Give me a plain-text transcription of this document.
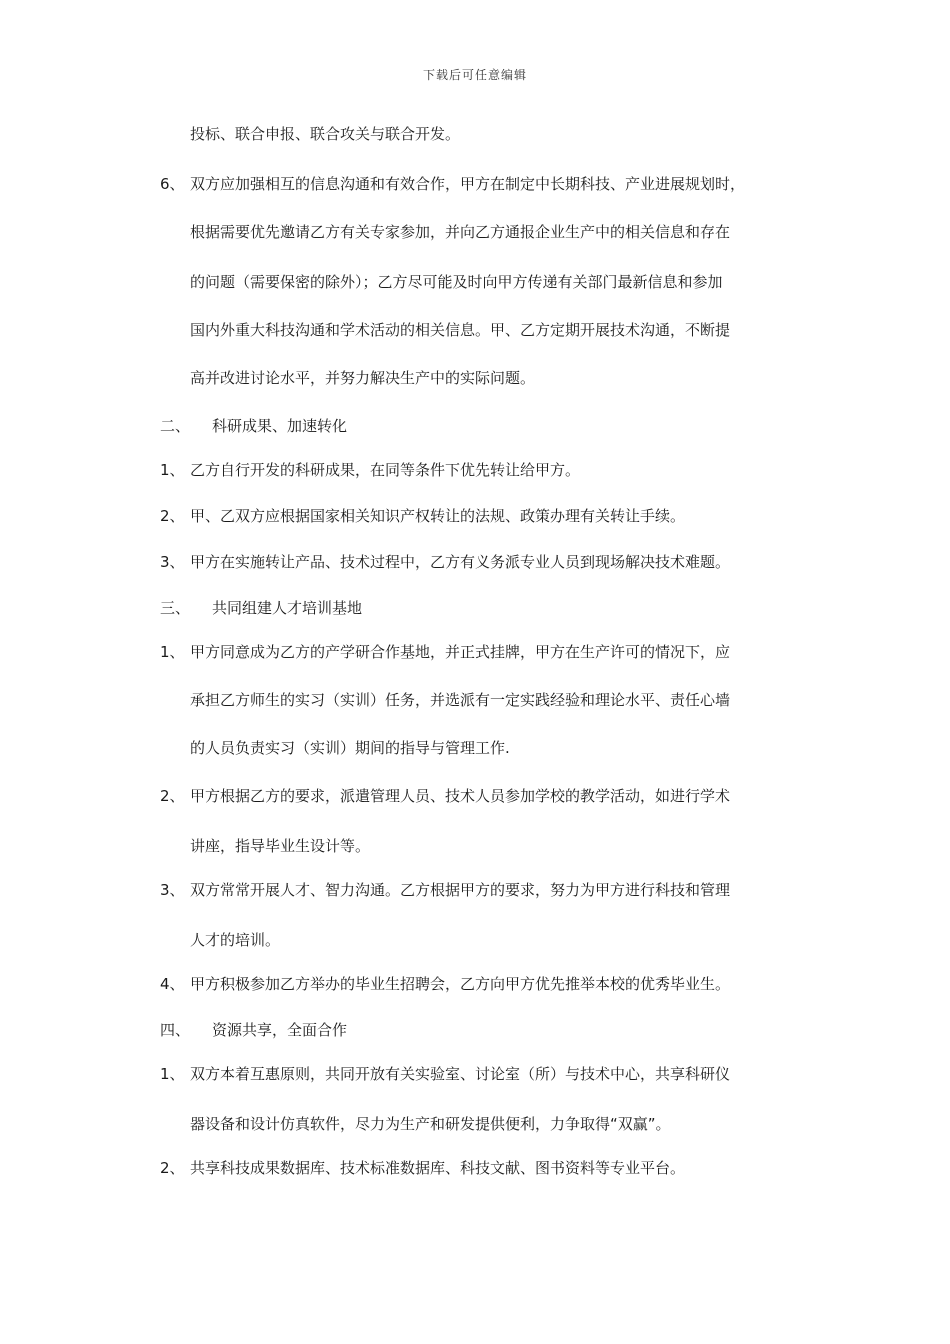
下载后可任意编辑
投标、联合申报、联合攻关与联合开发。
6、 双方应加强相互的信息沟通和有效合作，甲方在制定中长期科技、产业进展规划时，
根据需要优先邀请乙方有关专家参加，并向乙方通报企业生产中的相关信息和存在
的问题（需要保密的除外）；乙方尽可能及时向甲方传递有关部门最新信息和参加
国内外重大科技沟通和学术活动的相关信息。甲、乙方定期开展技术沟通，不断提
高并改进讨论水平，并努力解决生产中的实际问题。
二、 科研成果、加速转化
1、 乙方自行开发的科研成果，在同等条件下优先转让给甲方。
2、 甲、乙双方应根据国家相关知识产权转让的法规、政策办理有关转让手续。
3、 甲方在实施转让产品、技术过程中，乙方有义务派专业人员到现场解决技术难题。
三、 共同组建人才培训基地
1、 甲方同意成为乙方的产学研合作基地，并正式挂牌，甲方在生产许可的情况下，应
承担乙方师生的实习（实训）任务，并选派有一定实践经验和理论水平、责任心墙
的人员负责实习（实训）期间的指导与管理工作.
2、 甲方根据乙方的要求，派遣管理人员、技术人员参加学校的教学活动，如进行学术
讲座，指导毕业生设计等。
3、 双方常常开展人才、智力沟通。乙方根据甲方的要求，努力为甲方进行科技和管理
人才的培训。
4、 甲方积极参加乙方举办的毕业生招聘会，乙方向甲方优先推举本校的优秀毕业生。
四、 资源共享，全面合作
1、 双方本着互惠原则，共同开放有关实验室、讨论室（所）与技术中心，共享科研仪
器设备和设计仿真软件，尽力为生产和研发提供便利，力争取得“双赢”。
2、 共享科技成果数据库、技术标准数据库、科技文献、图书资料等专业平台。
